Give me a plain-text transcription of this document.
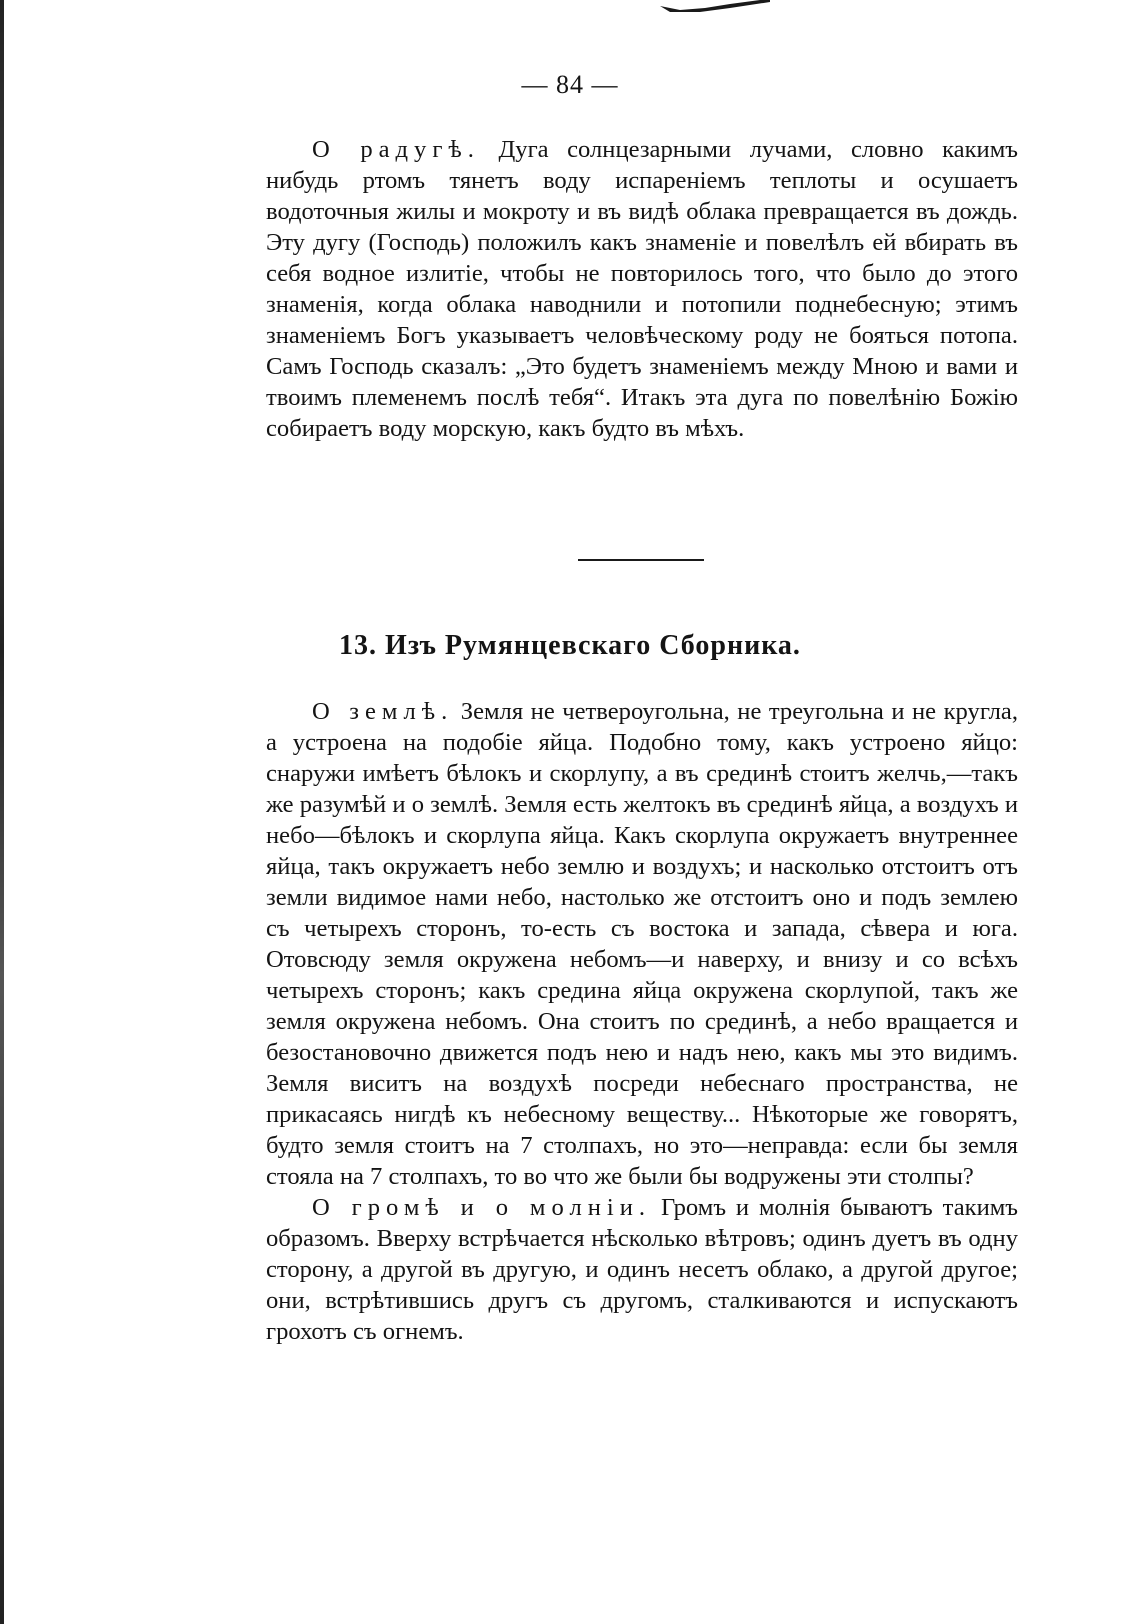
— 84 —

О радугѣ. Дуга солнцезарными лучами, словно какимъ нибудь ртомъ тянетъ воду испареніемъ теплоты и осушаетъ водоточныя жилы и мокроту и въ видѣ облака превращается въ дождь. Эту дугу (Господь) положилъ какъ знаменіе и повелѣлъ ей вбирать въ себя водное излитіе, чтобы не повторилось того, что было до этого знаменія, когда облака наводнили и потопили поднебесную; этимъ знаменіемъ Богъ указываетъ человѣческому роду не бояться потопа. Самъ Господь сказалъ: „Это будетъ знаменіемъ между Мною и вами и твоимъ племенемъ послѣ тебя“. Итакъ эта дуга по повелѣнію Божію собираетъ воду морскую, какъ будто въ мѣхъ.

13. Изъ Румянцевскаго Сборника.

О землѣ. Земля не четвероугольна, не треугольна и не кругла, а устроена на подобіе яйца. Подобно тому, какъ устроено яйцо: снаружи имѣетъ бѣлокъ и скорлупу, а въ срединѣ стоитъ желчь,—такъ же разумѣй и о землѣ. Земля есть желтокъ въ срединѣ яйца, а воздухъ и небо—бѣлокъ и скорлупа яйца. Какъ скорлупа окружаетъ внутреннее яйца, такъ окружаетъ небо землю и воздухъ; и насколько отстоитъ отъ земли видимое нами небо, настолько же отстоитъ оно и подъ землею съ четырехъ сторонъ, то-есть съ востока и запада, сѣвера и юга. Отовсюду земля окружена небомъ—и наверху, и внизу и со всѣхъ четырехъ сторонъ; какъ средина яйца окружена скорлупой, такъ же земля окружена небомъ. Она стоитъ по срединѣ, а небо вращается и безостановочно движется подъ нею и надъ нею, какъ мы это видимъ. Земля виситъ на воздухѣ посреди небеснаго пространства, не прикасаясь нигдѣ къ небесному веществу... Нѣкоторые же говорятъ, будто земля стоитъ на 7 столпахъ, но это—неправда: если бы земля стояла на 7 столпахъ, то во что же были бы водружены эти столпы?

О громѣ и о молніи. Громъ и молнія бываютъ такимъ образомъ. Вверху встрѣчается нѣсколько вѣтровъ; одинъ дуетъ въ одну сторону, а другой въ другую, и одинъ несетъ облако, а другой другое; они, встрѣтившись другъ съ другомъ, сталкиваются и испускаютъ грохотъ съ огнемъ.
